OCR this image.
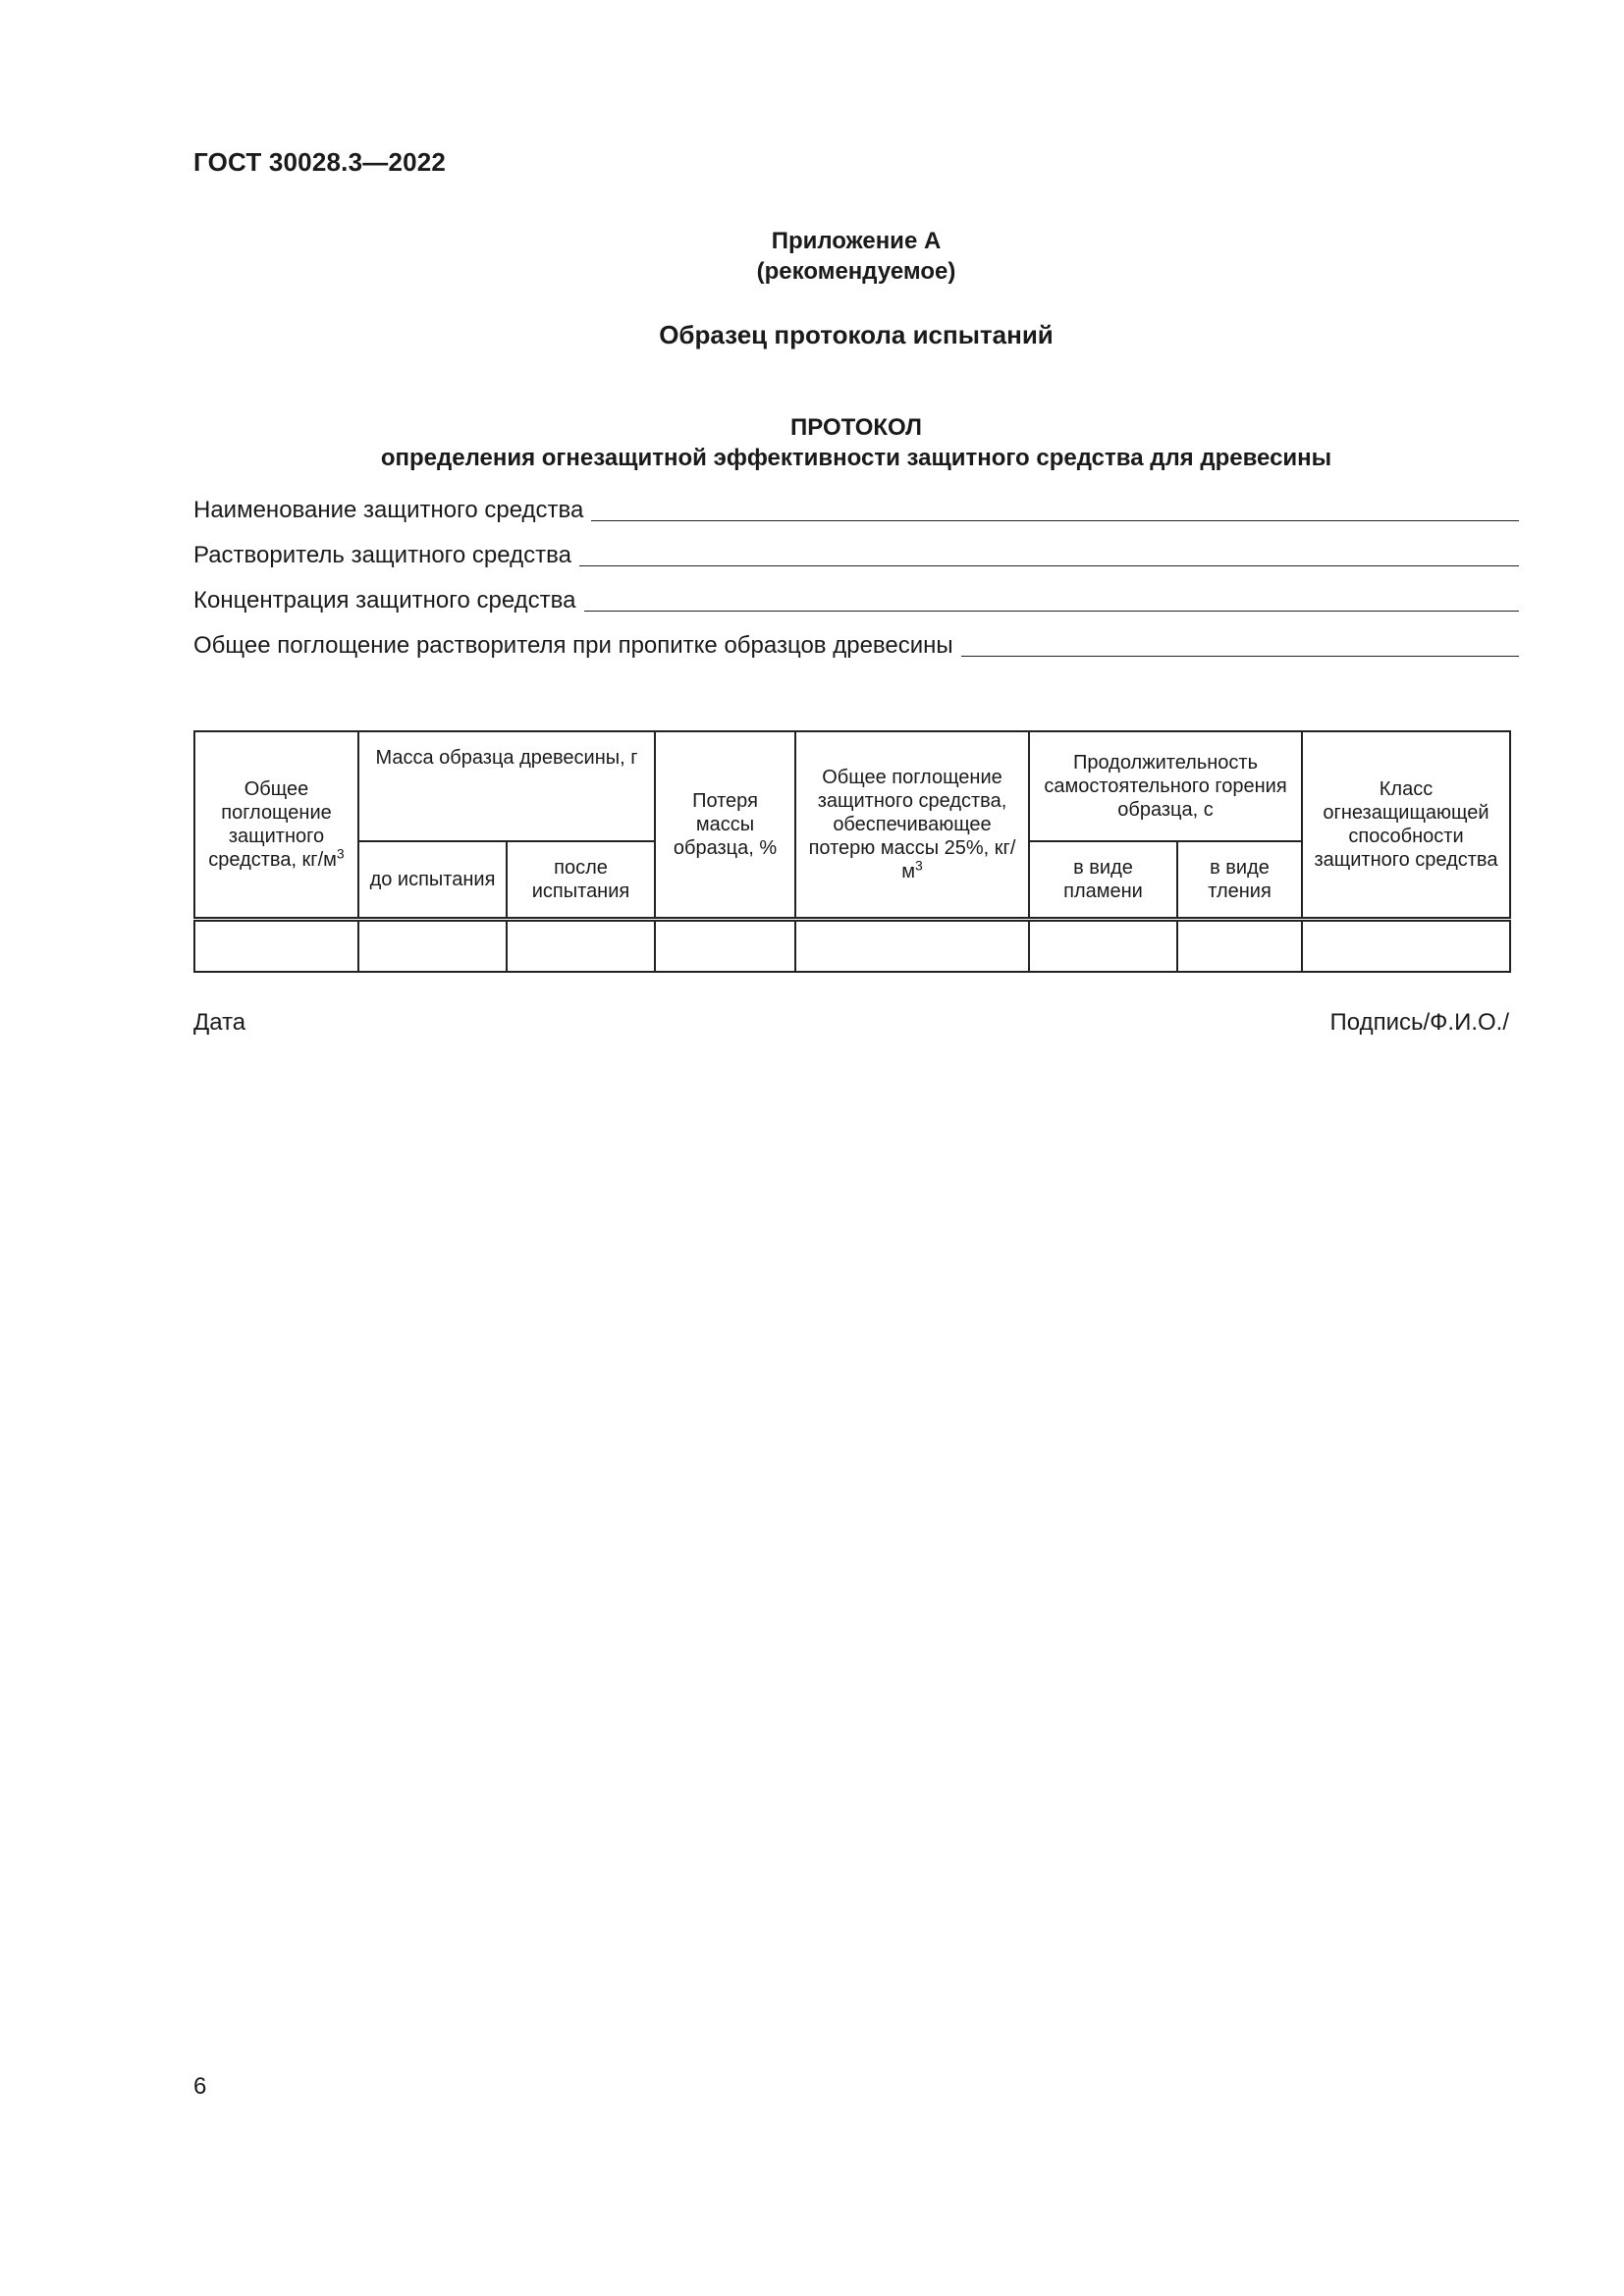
ГОСТ 30028.3—2022
Приложение А
(рекомендуемое)
Образец протокола испытаний
ПРОТОКОЛ
определения огнезащитной эффективности защитного средства для древесины
Наименование защитного средства
Растворитель защитного средства
Концентрация защитного средства
Общее поглощение растворителя при пропитке образцов древесины
Общее поглощение защитного средства, $кг/м^3$	Масса образца древесины, г		Потеря массы образца, %	Общее поглощение защитного средства, обеспечивающее потерю массы 25%, $кг/м^3$	Продолжительность самостоятельного горения образца, с		Класс огнезащищающей способности защитного средства
	до испытания	после испытания			в виде пламени	в виде тления	

Дата	Подпись/Ф.И.О./
6
